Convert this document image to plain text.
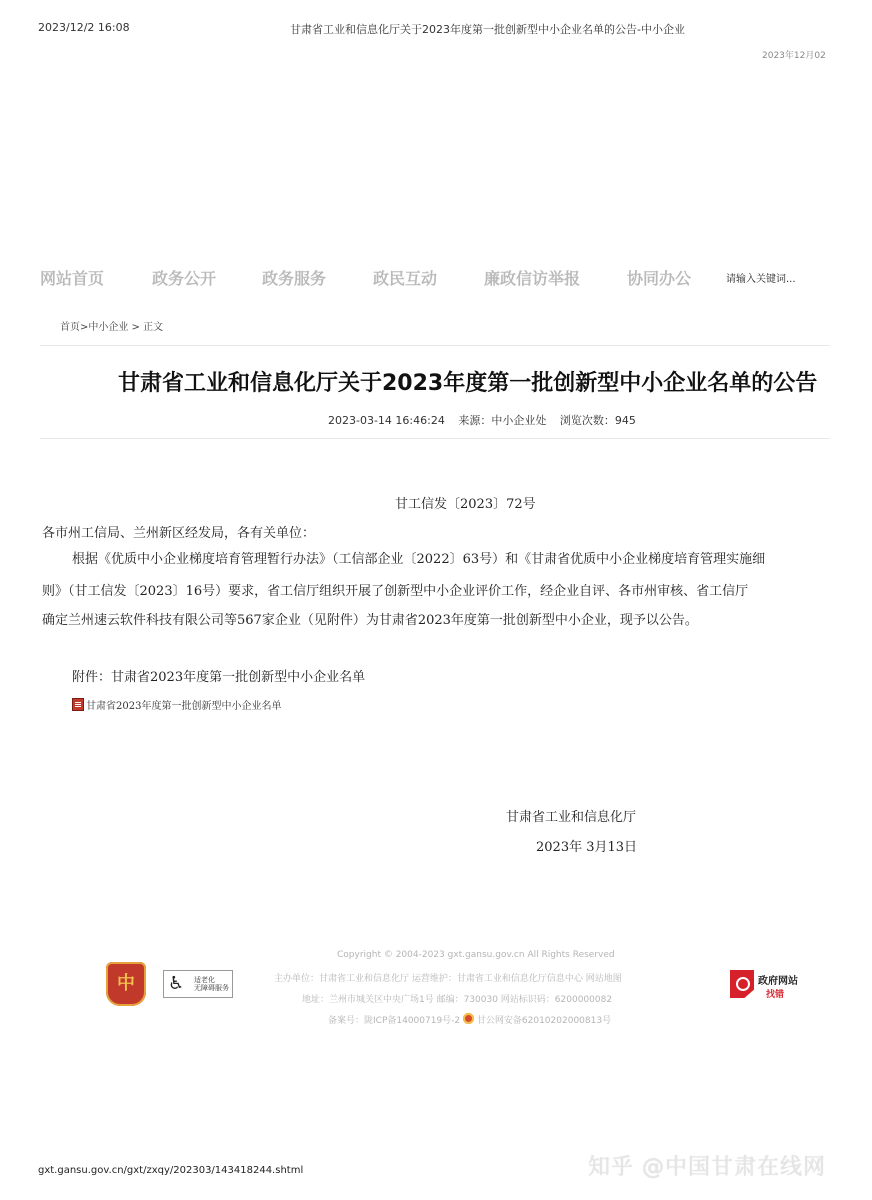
2023/12/2 16:08	甘肃省工业和信息化厅关于2023年度第一批创新型中小企业名单的公告-中小企业
2023年12月02
网站首页	政务公开	政务服务	政民互动	廉政信访举报	协同办公	请输入关键词...
首页>中小企业 > 正文
甘肃省工业和信息化厅关于2023年度第一批创新型中小企业名单的公告
2023-03-14 16:46:24 来源：中小企业处 浏览次数：945
甘工信发〔2023〕72号
各市州工信局、兰州新区经发局，各有关单位：
根据《优质中小企业梯度培育管理暂行办法》（工信部企业〔2022〕63号）和《甘肃省优质中小企业梯度培育管理实施细
则》（甘工信发〔2023〕16号）要求，省工信厅组织开展了创新型中小企业评价工作，经企业自评、各市州审核、省工信厅
确定兰州速云软件科技有限公司等567家企业（见附件）为甘肃省2023年度第一批创新型中小企业，现予以公告。
附件：甘肃省2023年度第一批创新型中小企业名单
甘肃省2023年度第一批创新型中小企业名单
甘肃省工业和信息化厅
2023年 3月13日
Copyright © 2004-2023 gxt.gansu.gov.cn All Rights Reserved
主办单位：甘肃省工业和信息化厅 运营维护：甘肃省工业和信息化厅信息中心 网站地图
地址：兰州市城关区中央广场1号 邮编：730030 网站标识码：6200000082
备案号：陇ICP备14000719号-2 甘公网安备62010202000813号
中
♿ 适老化
无障碍服务
政府网站
找错
gxt.gansu.gov.cn/gxt/zxqy/202303/143418244.shtml	知乎 @中国甘肃在线网
